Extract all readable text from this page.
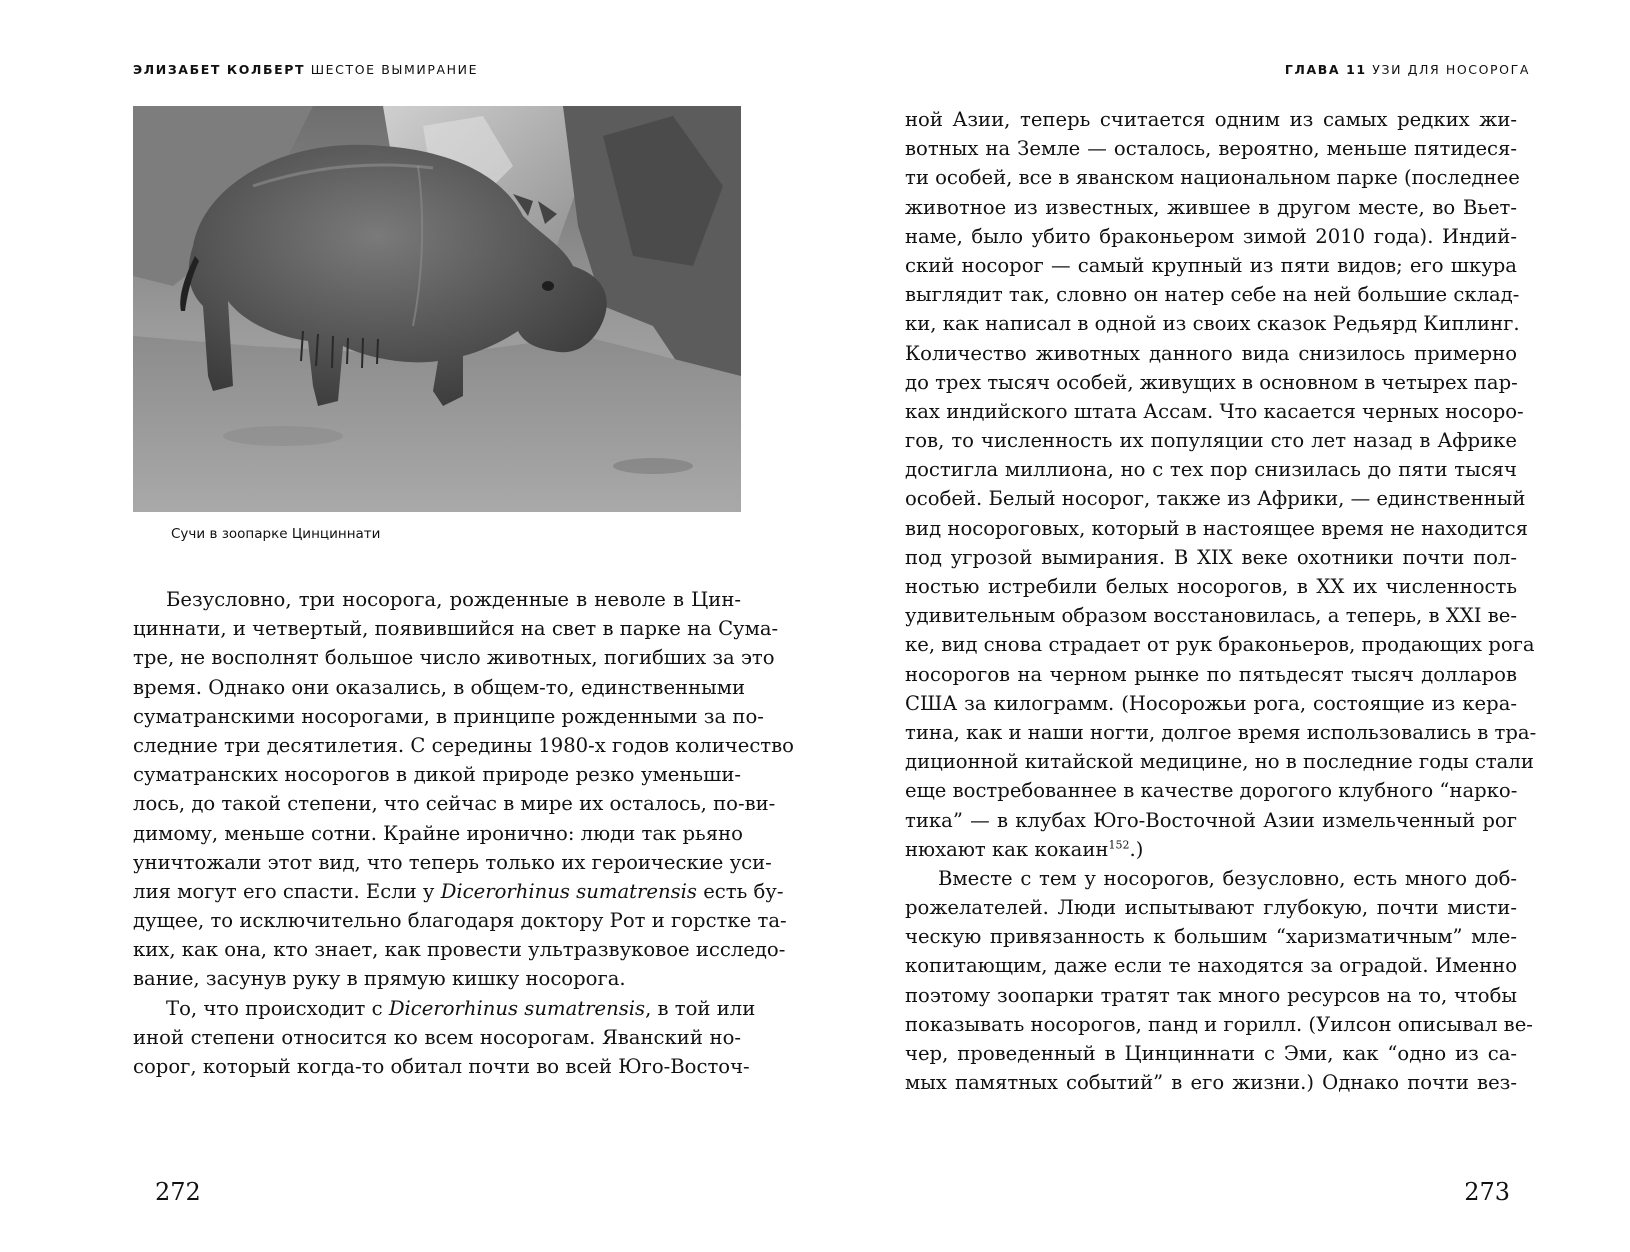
ЭЛИЗАБЕТ КОЛБЕРТ ШЕСТОЕ ВЫМИРАНИЕ
Сучи в зоопарке Цинциннати
Безусловно, три носорога, рожденные в неволе в Цин-
циннати, и четвертый, появившийся на свет в парке на Сума-
тре, не восполнят большое число животных, погибших за это
время. Однако они оказались, в общем-то, единственными
суматранскими носорогами, в принципе рожденными за по-
следние три десятилетия. С середины 1980-х годов количество
суматранских носорогов в дикой природе резко уменьши-
лось, до такой степени, что сейчас в мире их осталось, по-ви-
димому, меньше сотни. Крайне иронично: люди так рьяно
уничтожали этот вид, что теперь только их героические уси-
лия могут его спасти. Если у Dicerorhinus sumatrensis есть бу-
дущее, то исключительно благодаря доктору Рот и горстке та-
ких, как она, кто знает, как провести ультразвуковое исследо-
вание, засунув руку в прямую кишку носорога.
То, что происходит с Dicerorhinus sumatrensis, в той или
иной степени относится ко всем носорогам. Яванский но-
сорог, который когда-то обитал почти во всей Юго-Восточ-
272
ГЛАВА 11 УЗИ ДЛЯ НОСОРОГА
ной Азии, теперь считается одним из самых редких жи-
вотных на Земле — осталось, вероятно, меньше пятидеся-
ти особей, все в яванском национальном парке (последнее
животное из известных, жившее в другом месте, во Вьет-
наме, было убито браконьером зимой 2010 года). Индий-
ский носорог — самый крупный из пяти видов; его шкура
выглядит так, словно он натер себе на ней большие склад-
ки, как написал в одной из своих сказок Редьярд Киплинг.
Количество животных данного вида снизилось примерно
до трех тысяч особей, живущих в основном в четырех пар-
ках индийского штата Ассам. Что касается черных носоро-
гов, то численность их популяции сто лет назад в Африке
достигла миллиона, но с тех пор снизилась до пяти тысяч
особей. Белый носорог, также из Африки, — единственный
вид носороговых, который в настоящее время не находится
под угрозой вымирания. В XIX веке охотники почти пол-
ностью истребили белых носорогов, в XX их численность
удивительным образом восстановилась, а теперь, в XXI ве-
ке, вид снова страдает от рук браконьеров, продающих рога
носорогов на черном рынке по пятьдесят тысяч долларов
США за килограмм. (Носорожьи рога, состоящие из кера-
тина, как и наши ногти, долгое время использовались в тра-
диционной китайской медицине, но в последние годы стали
еще востребованнее в качестве дорогого клубного “нарко-
тика” — в клубах Юго-Восточной Азии измельченный рог
нюхают как кокаин$^{152}$.)
Вместе с тем у носорогов, безусловно, есть много доб-
рожелателей. Люди испытывают глубокую, почти мисти-
ческую привязанность к большим “харизматичным” мле-
копитающим, даже если те находятся за оградой. Именно
поэтому зоопарки тратят так много ресурсов на то, чтобы
показывать носорогов, панд и горилл. (Уилсон описывал ве-
чер, проведенный в Цинциннати с Эми, как “одно из са-
мых памятных событий” в его жизни.) Однако почти вез-
273
